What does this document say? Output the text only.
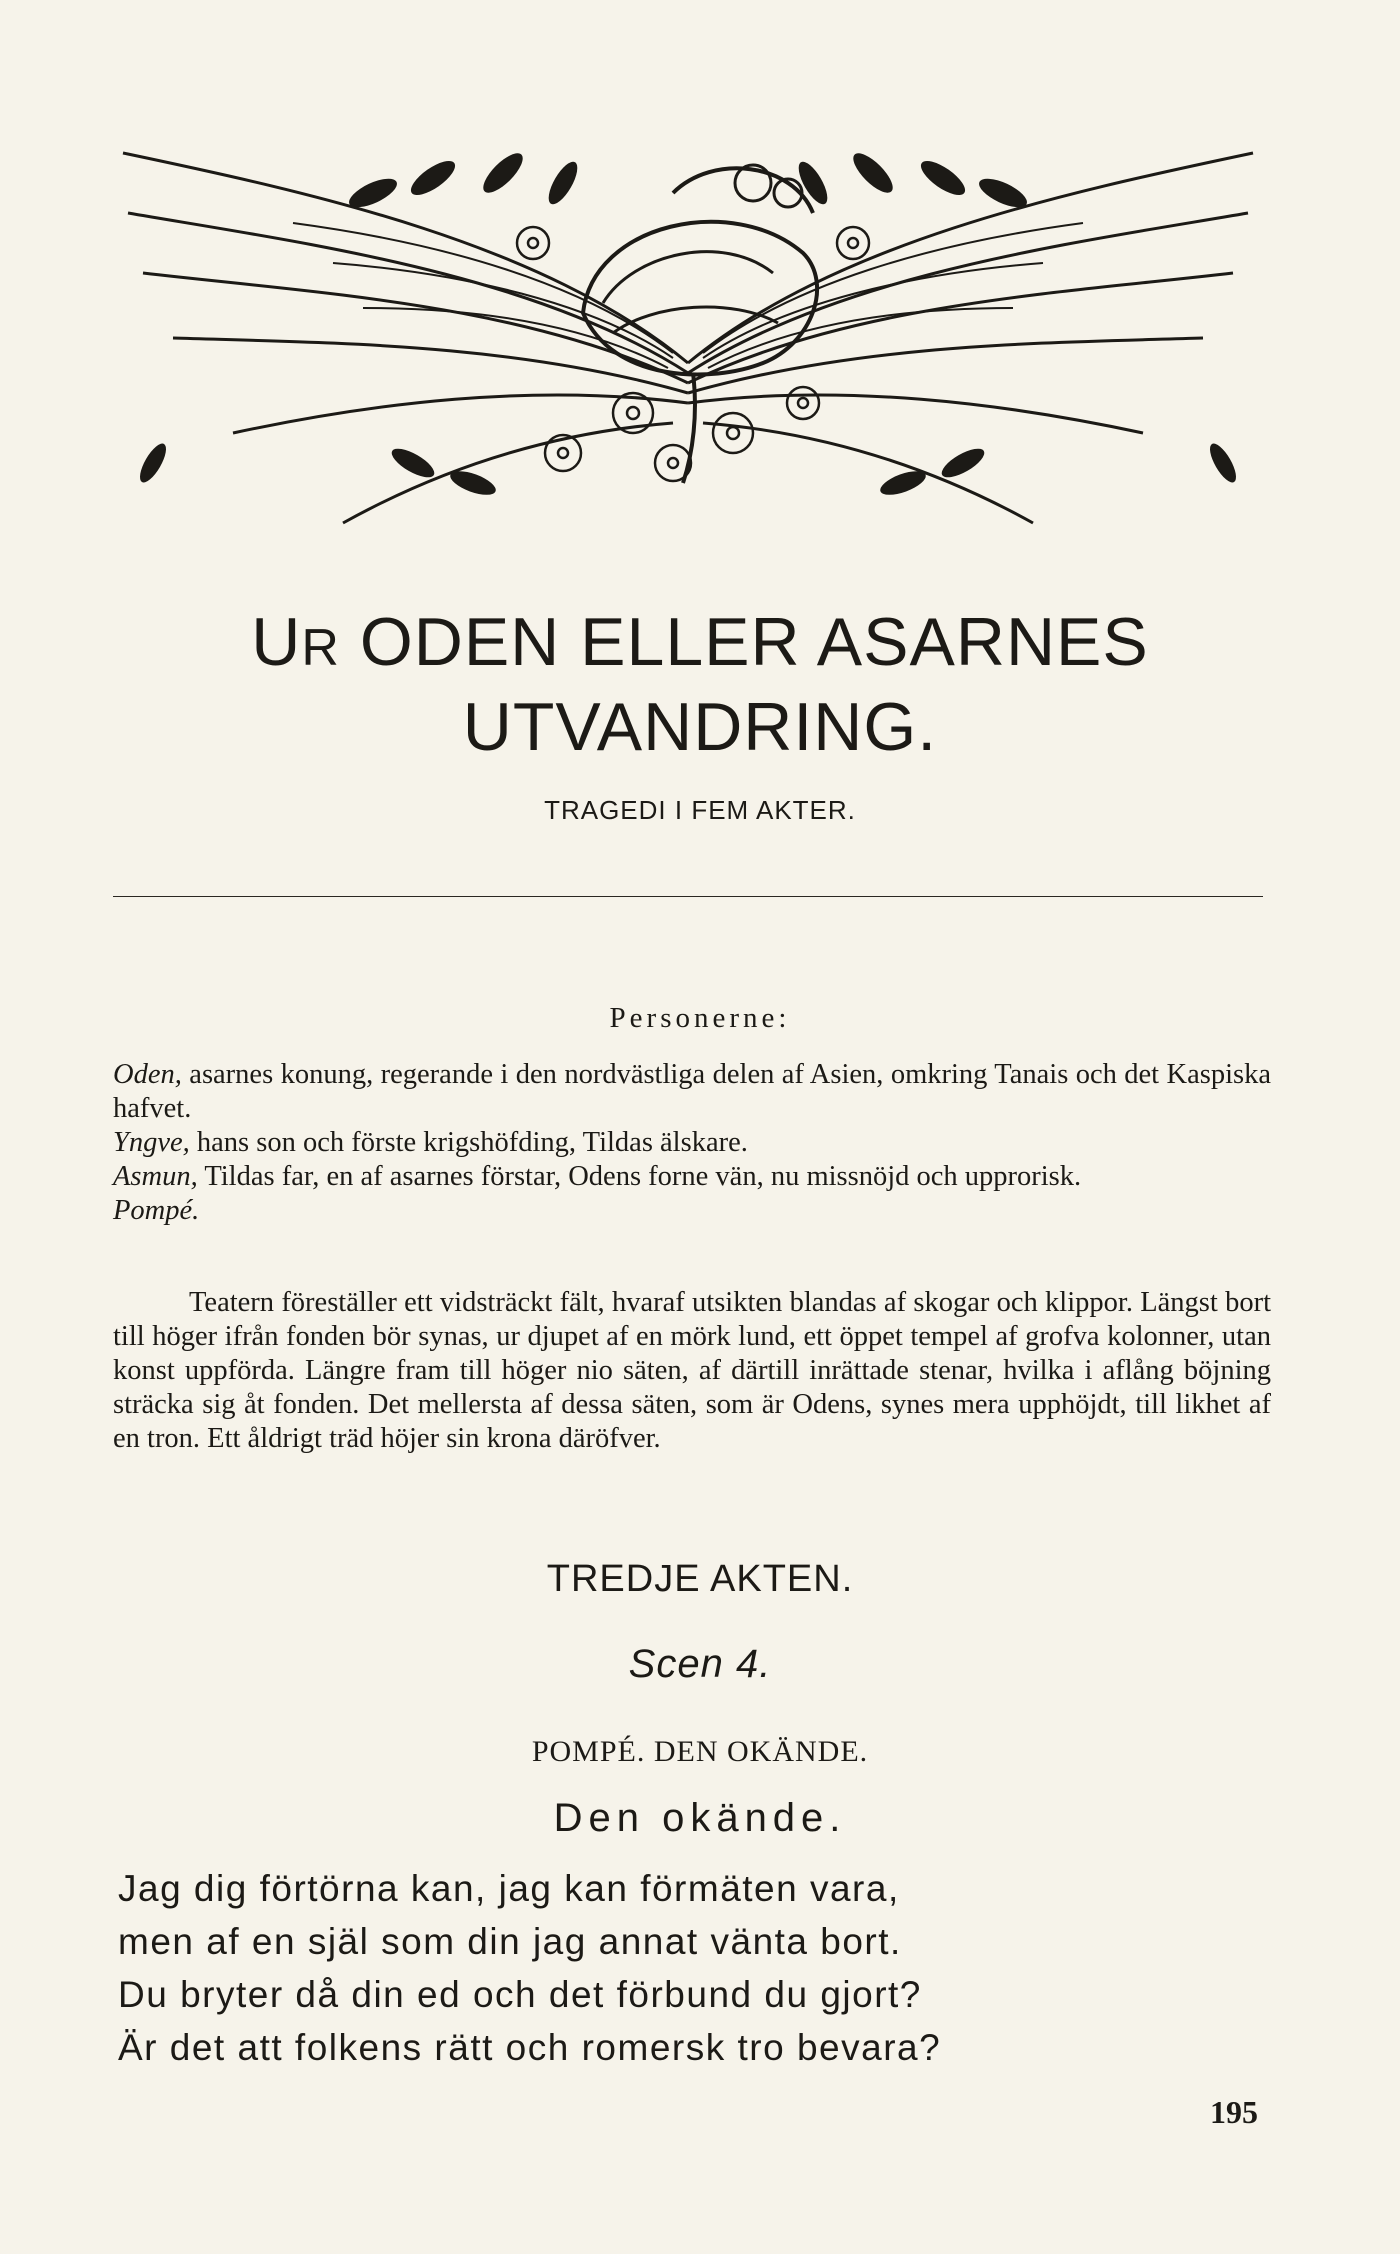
UR ODEN ELLER ASARNES
UTVANDRING.
TRAGEDI I FEM AKTER.
Personerne:

Oden, asarnes konung, regerande i den nordvästliga delen af Asien, omkring Tanais och det Kaspiska hafvet.

Yngve, hans son och förste krigshöfding, Tildas älskare.

Asmun, Tildas far, en af asarnes förstar, Odens forne vän, nu missnöjd och upprorisk.

Pompé.

Teatern föreställer ett vidsträckt fält, hvaraf utsikten blandas af skogar och klippor. Längst bort till höger ifrån fonden bör synas, ur djupet af en mörk lund, ett öppet tempel af grofva kolonner, utan konst uppförda. Längre fram till höger nio säten, af därtill inrättade stenar, hvilka i aflång böjning sträcka sig åt fonden. Det mellersta af dessa säten, som är Odens, synes mera upphöjdt, till likhet af en tron. Ett åldrigt träd höjer sin krona däröfver.

TREDJE AKTEN.
Scen 4.
POMPÉ. DEN OKÄNDE.
Den okände.
Jag dig förtörna kan, jag kan förmäten vara,
men af en själ som din jag annat vänta bort.
Du bryter då din ed och det förbund du gjort?
Är det att folkens rätt och romersk tro bevara?
195
